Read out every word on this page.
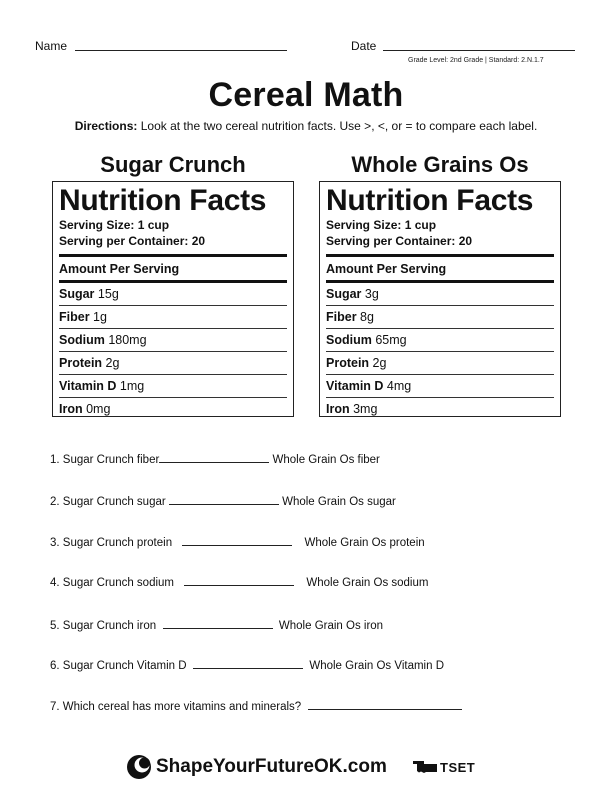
Name	Date
Grade Level: 2nd Grade | Standard: 2.N.1.7
Cereal Math
Directions: Look at the two cereal nutrition facts. Use >, <, or = to compare each label.
Sugar Crunch
Nutrition Facts
Serving Size: 1 cup
Serving per Container: 20
Amount Per Serving
Sugar 15g
Fiber 1g
Sodium 180mg
Protein 2g
Vitamin D 1mg
Iron 0mg
Whole Grains Os
Nutrition Facts
Serving Size: 1 cup
Serving per Container: 20
Amount Per Serving
Sugar 3g
Fiber 8g
Sodium 65mg
Protein 2g
Vitamin D 4mg
Iron 3mg
1. Sugar Crunch fiber	Whole Grain Os fiber
2. Sugar Crunch sugar	Whole Grain Os sugar
3. Sugar Crunch protein	Whole Grain Os protein
4. Sugar Crunch sodium	Whole Grain Os sodium
5. Sugar Crunch iron	Whole Grain Os iron
6. Sugar Crunch Vitamin D	Whole Grain Os Vitamin D
7. Which cereal has more vitamins and minerals?
ShapeYourFutureOK.com	TSET
